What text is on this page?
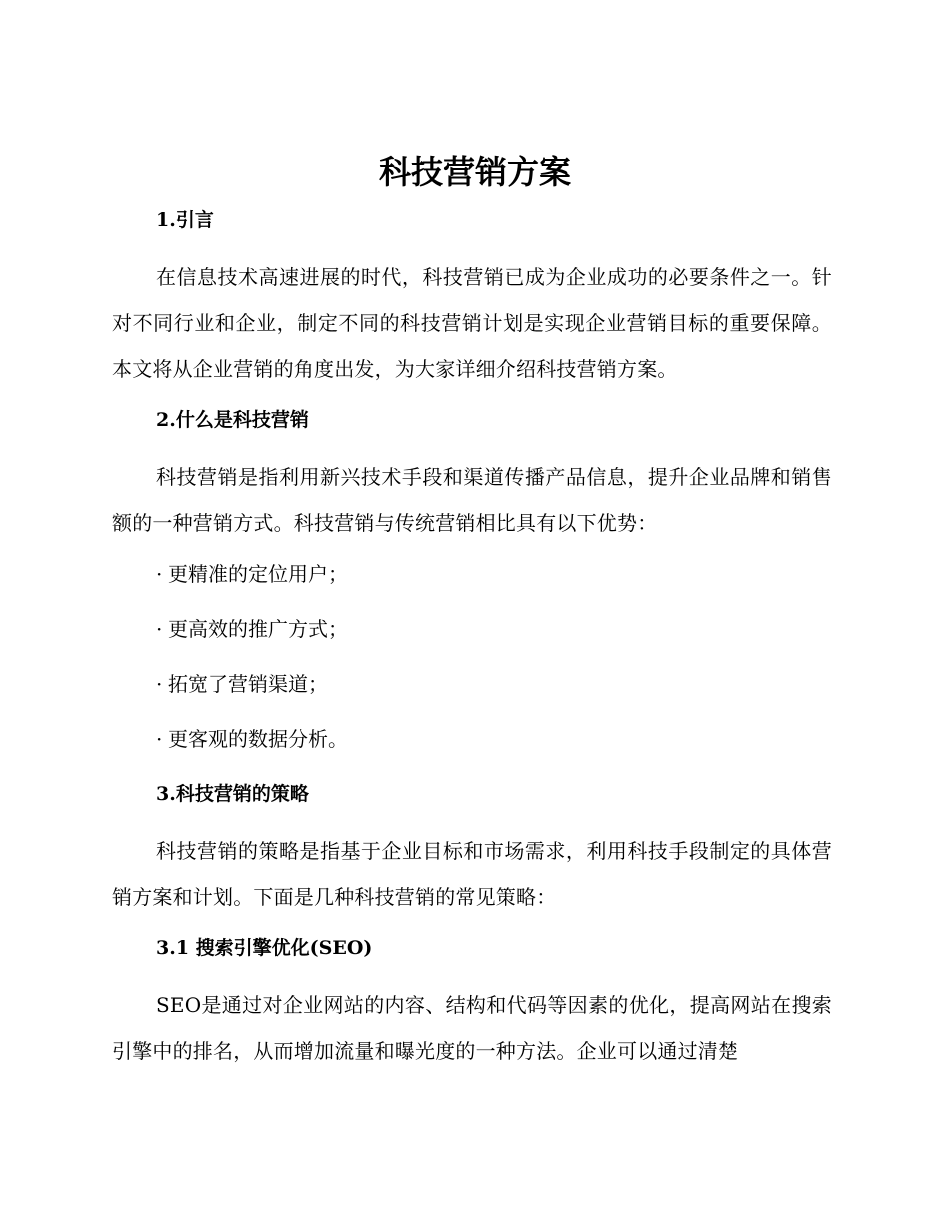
科技营销方案
1.引言

在信息技术高速进展的时代，科技营销已成为企业成功的必要条件之一。针对不同行业和企业，制定不同的科技营销计划是实现企业营销目标的重要保障。本文将从企业营销的角度出发，为大家详细介绍科技营销方案。

2.什么是科技营销

科技营销是指利用新兴技术手段和渠道传播产品信息，提升企业品牌和销售额的一种营销方式。科技营销与传统营销相比具有以下优势：

· 更精准的定位用户；
· 更高效的推广方式；
· 拓宽了营销渠道；
· 更客观的数据分析。
3.科技营销的策略

科技营销的策略是指基于企业目标和市场需求，利用科技手段制定的具体营销方案和计划。下面是几种科技营销的常见策略：

3.1 搜索引擎优化(SEO)

SEO是通过对企业网站的内容、结构和代码等因素的优化，提高网站在搜索引擎中的排名，从而增加流量和曝光度的一种方法。企业可以通过清楚
